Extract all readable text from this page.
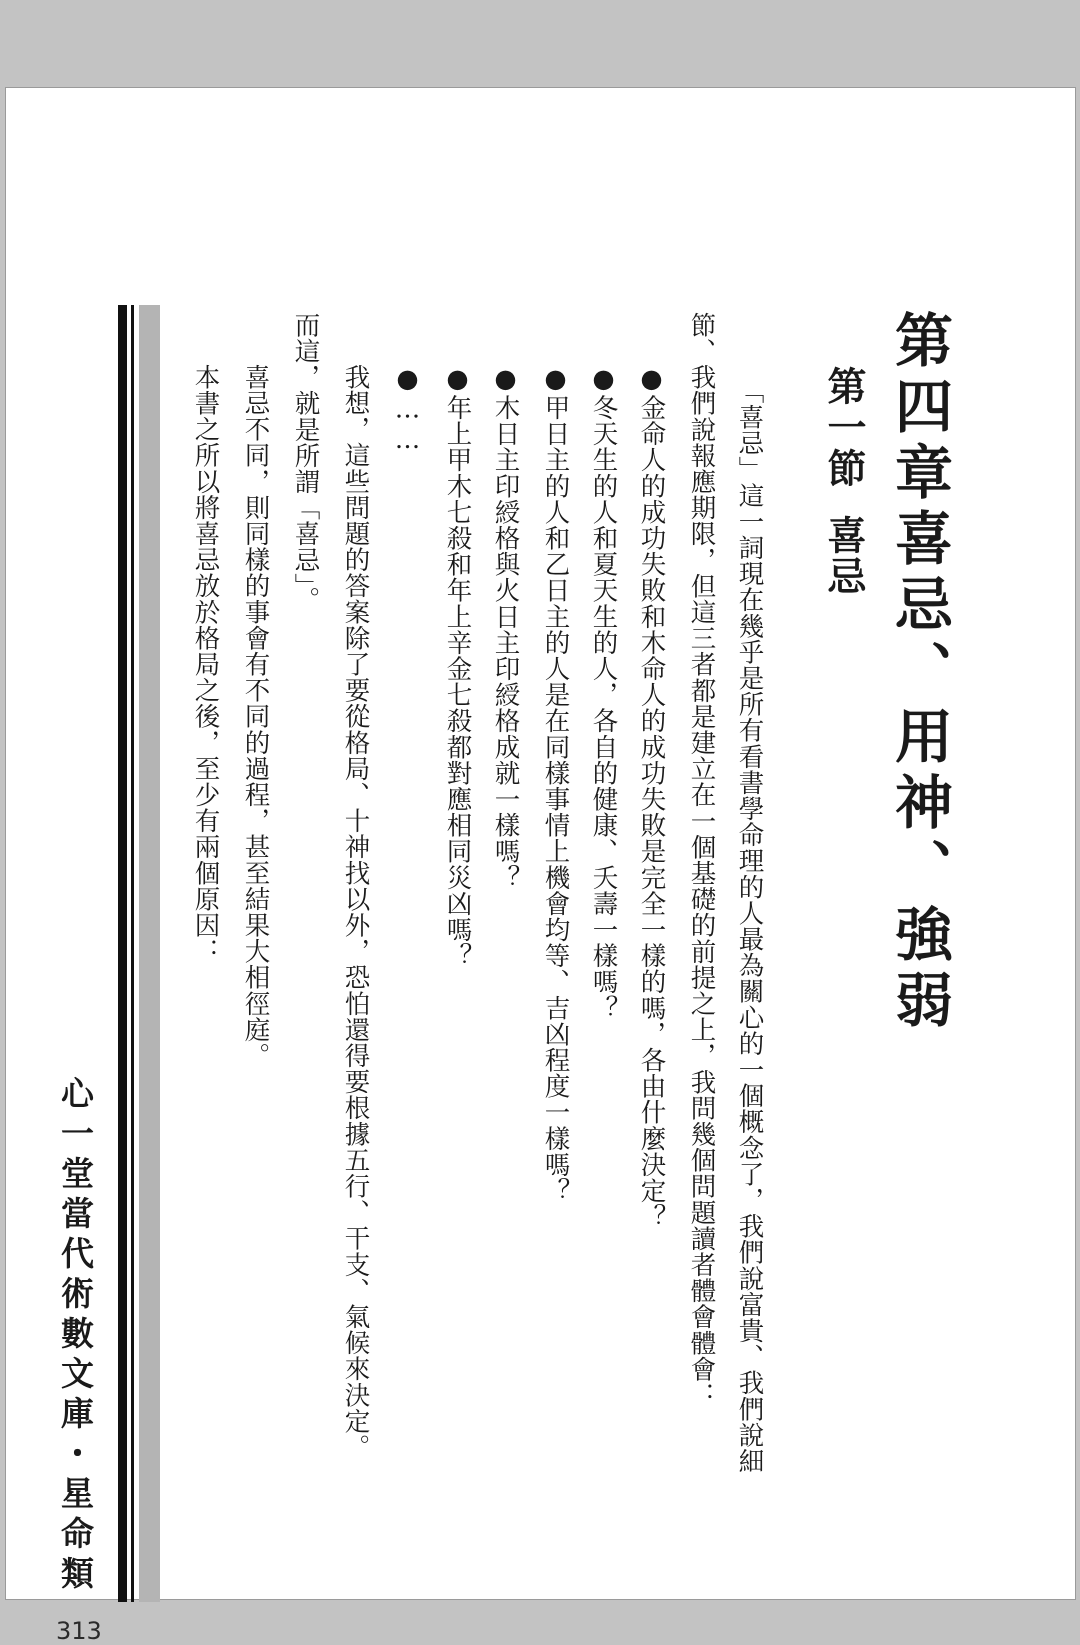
第四章喜忌、用神、強弱
第一節喜忌
「喜忌」這一詞現在幾乎是所有看書學命理的人最為關心的一個概念了，我們說富貴、我們說細
節、我們說報應期限，但這三者都是建立在一個基礎的前提之上，我問幾個問題讀者體會體會：
●金命人的成功失敗和木命人的成功失敗是完全一樣的嗎，各由什麼決定？
●冬天生的人和夏天生的人，各自的健康、夭壽一樣嗎？
●甲日主的人和乙日主的人是在同樣事情上機會均等、吉凶程度一樣嗎？
●木日主印綬格與火日主印綬格成就一樣嗎？
●年上甲木七殺和年上辛金七殺都對應相同災凶嗎？
●……
我想，這些問題的答案除了要從格局、十神找以外，恐怕還得要根據五行、干支、氣候來決定。
而這，就是所謂「喜忌」。
喜忌不同，則同樣的事會有不同的過程，甚至結果大相徑庭。
本書之所以將喜忌放於格局之後，至少有兩個原因：
心一堂當代術數文庫・星命類
313
